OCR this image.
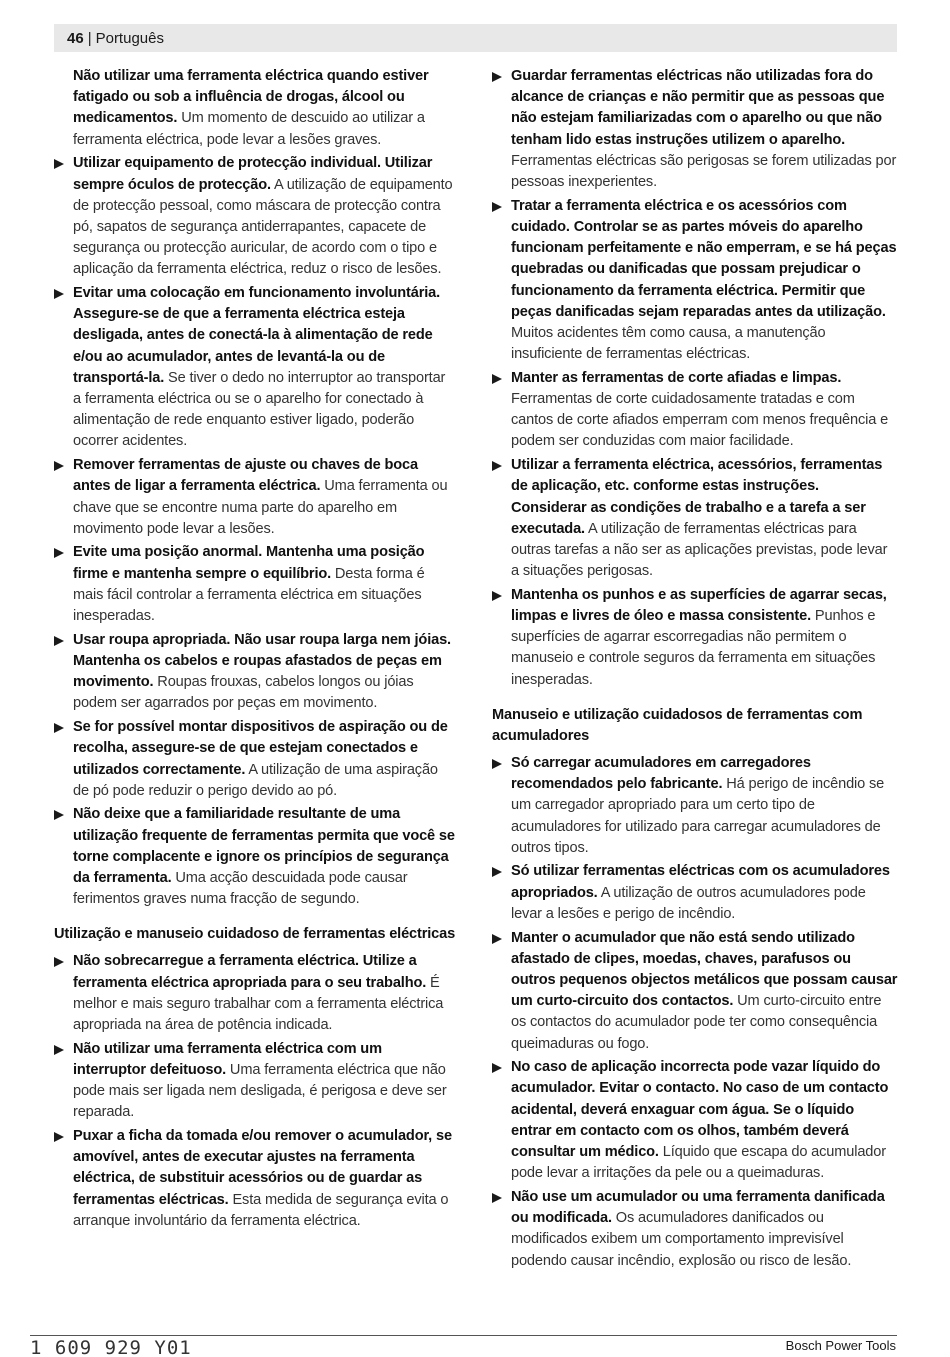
46 | Português
Não utilizar uma ferramenta eléctrica quando estiver fatigado ou sob a influência de drogas, álcool ou medicamentos. Um momento de descuido ao utilizar a ferramenta eléctrica, pode levar a lesões graves.
Utilizar equipamento de protecção individual. Utilizar sempre óculos de protecção. A utilização de equipamento de protecção pessoal, como máscara de protecção contra pó, sapatos de segurança antiderrapantes, capacete de segurança ou protecção auricular, de acordo com o tipo e aplicação da ferramenta eléctrica, reduz o risco de lesões.
Evitar uma colocação em funcionamento involuntária. Assegure-se de que a ferramenta eléctrica esteja desligada, antes de conectá-la à alimentação de rede e/ou ao acumulador, antes de levantá-la ou de transportá-la. Se tiver o dedo no interruptor ao transportar a ferramenta eléctrica ou se o aparelho for conectado à alimentação de rede enquanto estiver ligado, poderão ocorrer acidentes.
Remover ferramentas de ajuste ou chaves de boca antes de ligar a ferramenta eléctrica. Uma ferramenta ou chave que se encontre numa parte do aparelho em movimento pode levar a lesões.
Evite uma posição anormal. Mantenha uma posição firme e mantenha sempre o equilíbrio. Desta forma é mais fácil controlar a ferramenta eléctrica em situações inesperadas.
Usar roupa apropriada. Não usar roupa larga nem jóias. Mantenha os cabelos e roupas afastados de peças em movimento. Roupas frouxas, cabelos longos ou jóias podem ser agarrados por peças em movimento.
Se for possível montar dispositivos de aspiração ou de recolha, assegure-se de que estejam conectados e utilizados correctamente. A utilização de uma aspiração de pó pode reduzir o perigo devido ao pó.
Não deixe que a familiaridade resultante de uma utilização frequente de ferramentas permita que você se torne complacente e ignore os princípios de segurança da ferramenta. Uma acção descuidada pode causar ferimentos graves numa fracção de segundo.
Utilização e manuseio cuidadoso de ferramentas eléctricas
Não sobrecarregue a ferramenta eléctrica. Utilize a ferramenta eléctrica apropriada para o seu trabalho. É melhor e mais seguro trabalhar com a ferramenta eléctrica apropriada na área de potência indicada.
Não utilizar uma ferramenta eléctrica com um interruptor defeituoso. Uma ferramenta eléctrica que não pode mais ser ligada nem desligada, é perigosa e deve ser reparada.
Puxar a ficha da tomada e/ou remover o acumulador, se amovível, antes de executar ajustes na ferramenta eléctrica, de substituir acessórios ou de guardar as ferramentas eléctricas. Esta medida de segurança evita o arranque involuntário da ferramenta eléctrica.
Guardar ferramentas eléctricas não utilizadas fora do alcance de crianças e não permitir que as pessoas que não estejam familiarizadas com o aparelho ou que não tenham lido estas instruções utilizem o aparelho. Ferramentas eléctricas são perigosas se forem utilizadas por pessoas inexperientes.
Tratar a ferramenta eléctrica e os acessórios com cuidado. Controlar se as partes móveis do aparelho funcionam perfeitamente e não emperram, e se há peças quebradas ou danificadas que possam prejudicar o funcionamento da ferramenta eléctrica. Permitir que peças danificadas sejam reparadas antes da utilização. Muitos acidentes têm como causa, a manutenção insuficiente de ferramentas eléctricas.
Manter as ferramentas de corte afiadas e limpas. Ferramentas de corte cuidadosamente tratadas e com cantos de corte afiados emperram com menos frequência e podem ser conduzidas com maior facilidade.
Utilizar a ferramenta eléctrica, acessórios, ferramentas de aplicação, etc. conforme estas instruções. Considerar as condições de trabalho e a tarefa a ser executada. A utilização de ferramentas eléctricas para outras tarefas a não ser as aplicações previstas, pode levar a situações perigosas.
Mantenha os punhos e as superfícies de agarrar secas, limpas e livres de óleo e massa consistente. Punhos e superfícies de agarrar escorregadias não permitem o manuseio e controle seguros da ferramenta em situações inesperadas.
Manuseio e utilização cuidadosos de ferramentas com acumuladores
Só carregar acumuladores em carregadores recomendados pelo fabricante. Há perigo de incêndio se um carregador apropriado para um certo tipo de acumuladores for utilizado para carregar acumuladores de outros tipos.
Só utilizar ferramentas eléctricas com os acumuladores apropriados. A utilização de outros acumuladores pode levar a lesões e perigo de incêndio.
Manter o acumulador que não está sendo utilizado afastado de clipes, moedas, chaves, parafusos ou outros pequenos objectos metálicos que possam causar um curto-circuito dos contactos. Um curto-circuito entre os contactos do acumulador pode ter como consequência queimaduras ou fogo.
No caso de aplicação incorrecta pode vazar líquido do acumulador. Evitar o contacto. No caso de um contacto acidental, deverá enxaguar com água. Se o líquido entrar em contacto com os olhos, também deverá consultar um médico. Líquido que escapa do acumulador pode levar a irritações da pele ou a queimaduras.
Não use um acumulador ou uma ferramenta danificada ou modificada. Os acumuladores danificados ou modificados exibem um comportamento imprevisível podendo causar incêndio, explosão ou risco de lesão.
1 609 929 Y01	Bosch Power Tools
